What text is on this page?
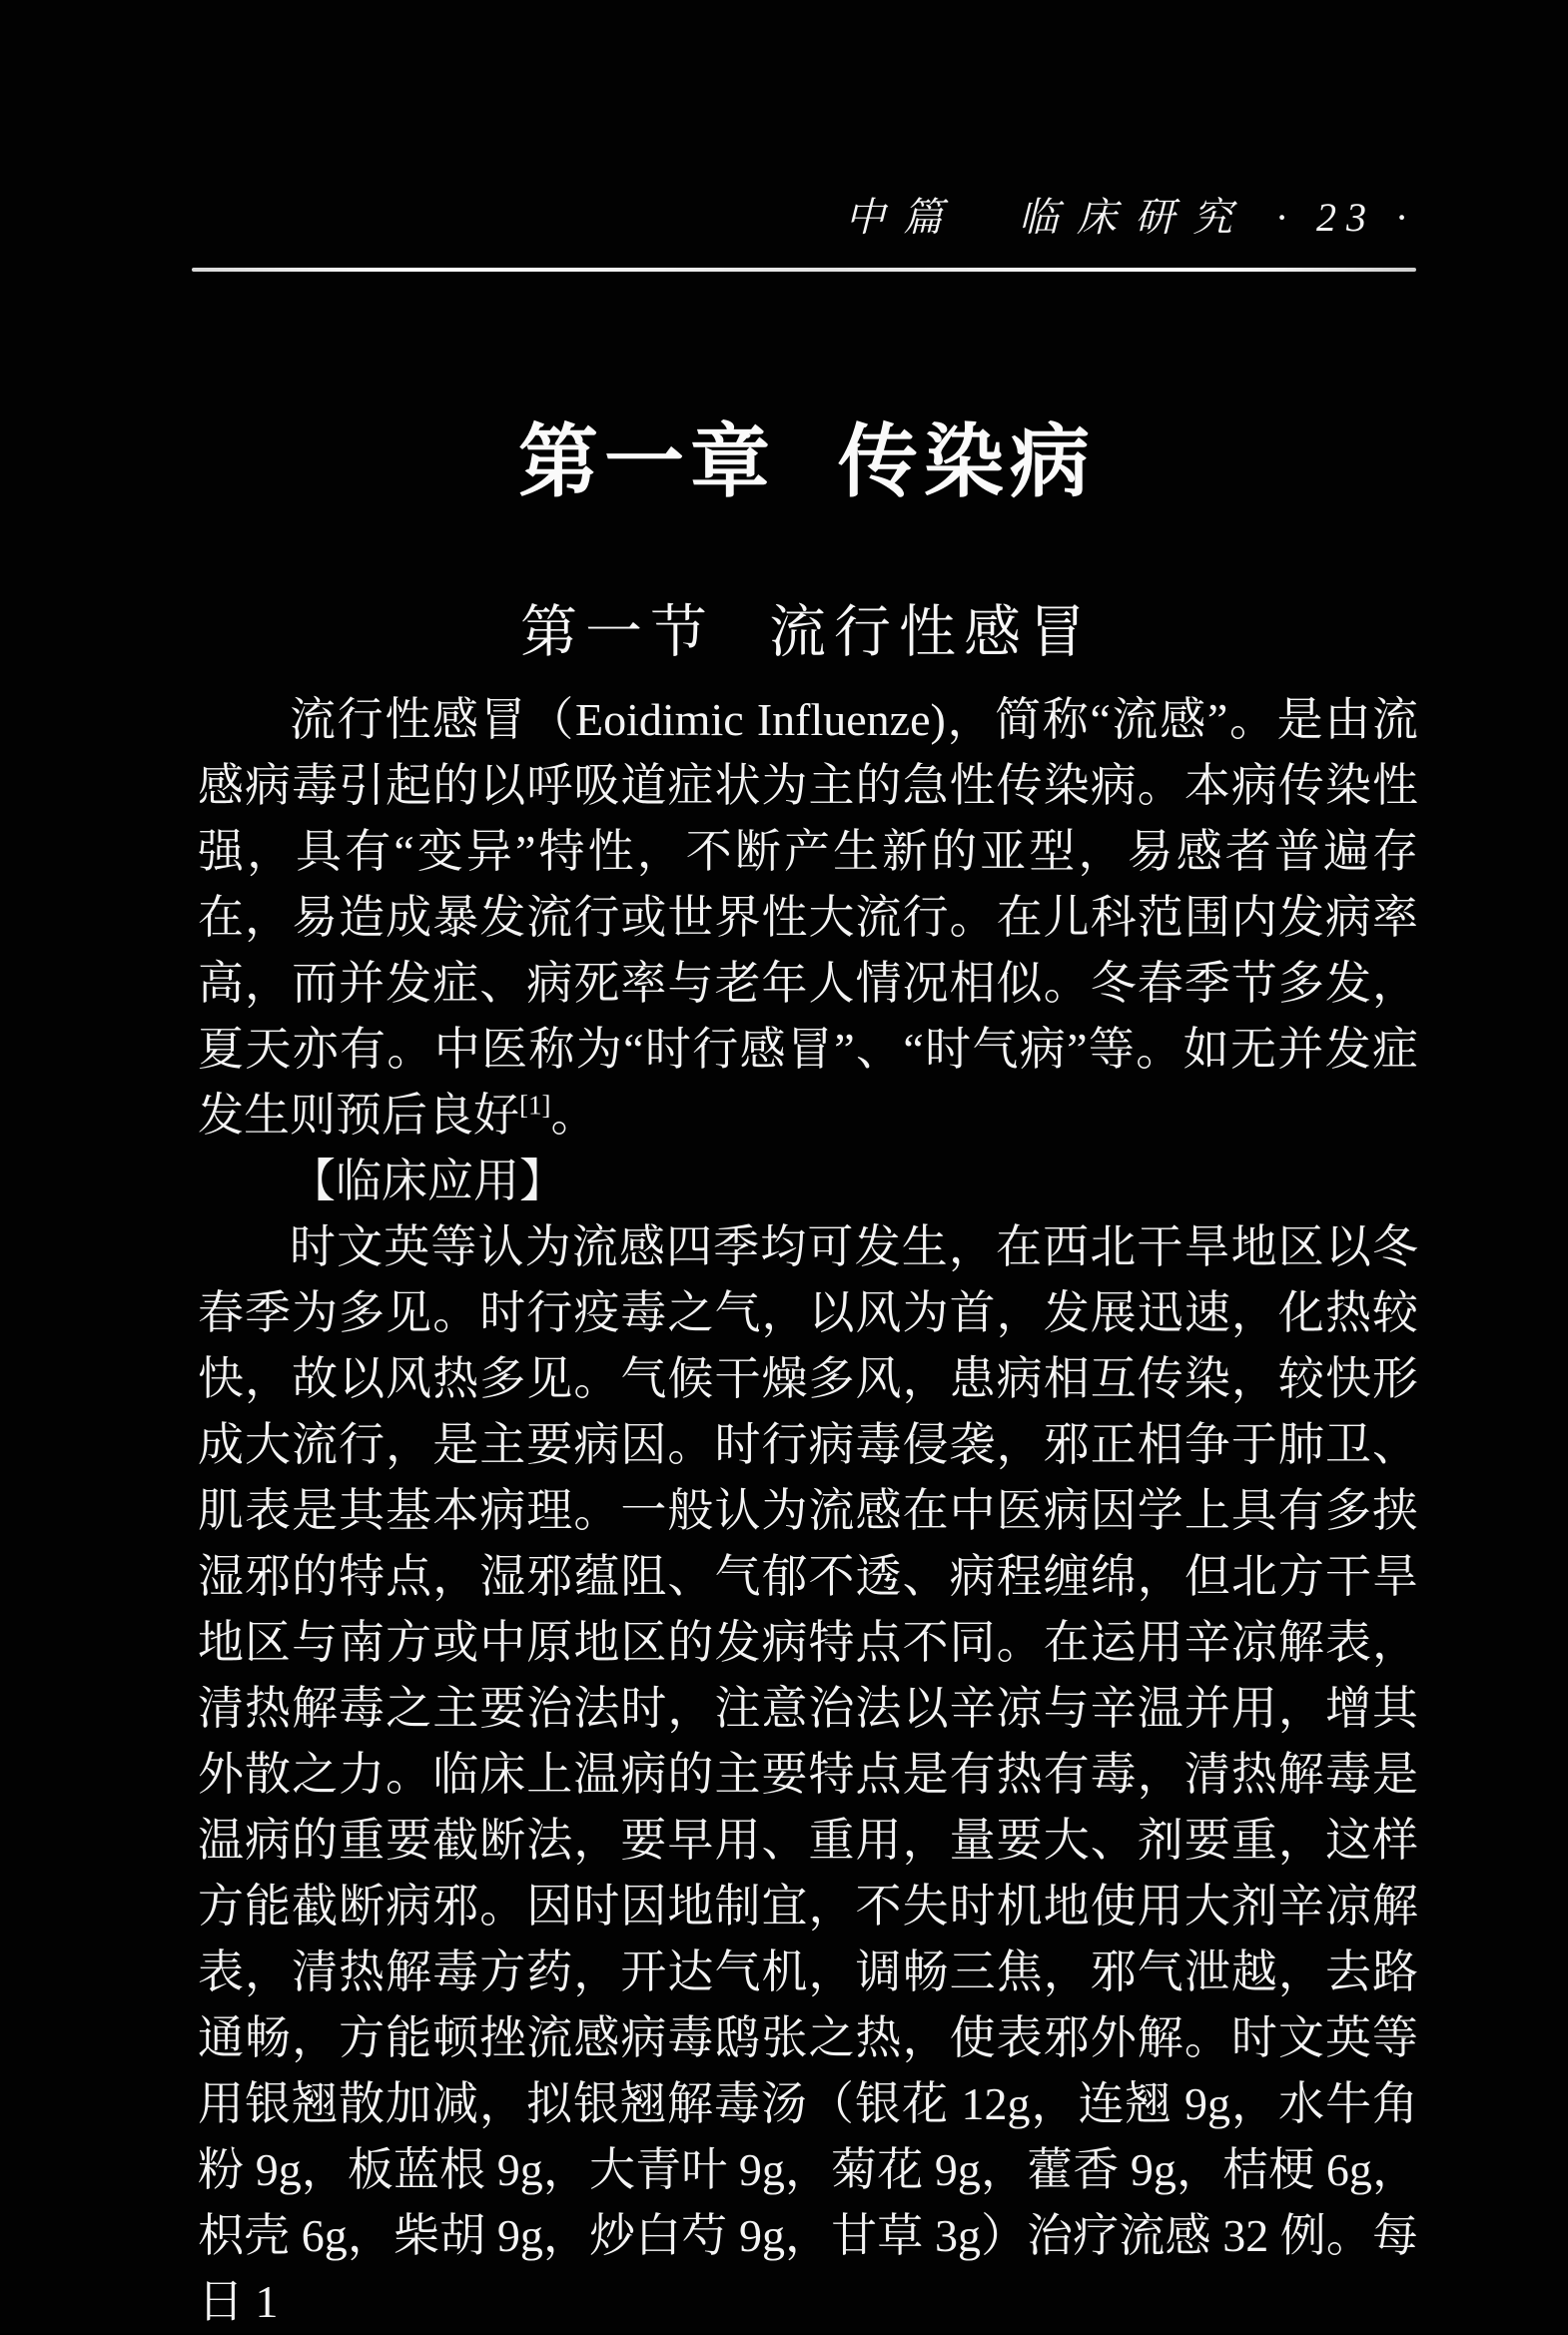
中篇　临床研究 · 23 ·
第一章 传染病
第一节 流行性感冒

流行性感冒（Eoidimic Influenze)，简称“流感”。是由流感病毒引起的以呼吸道症状为主的急性传染病。本病传染性强，具有“变异”特性，不断产生新的亚型，易感者普遍存在，易造成暴发流行或世界性大流行。在儿科范围内发病率高，而并发症、病死率与老年人情况相似。冬春季节多发，夏天亦有。中医称为“时行感冒”、“时气病”等。如无并发症发生则预后良好[1]。

【临床应用】

时文英等认为流感四季均可发生，在西北干旱地区以冬春季为多见。时行疫毒之气，以风为首，发展迅速，化热较快，故以风热多见。气候干燥多风，患病相互传染，较快形成大流行，是主要病因。时行病毒侵袭，邪正相争于肺卫、肌表是其基本病理。一般认为流感在中医病因学上具有多挟湿邪的特点，湿邪蕴阻、气郁不透、病程缠绵，但北方干旱地区与南方或中原地区的发病特点不同。在运用辛凉解表，清热解毒之主要治法时，注意治法以辛凉与辛温并用，增其外散之力。临床上温病的主要特点是有热有毒，清热解毒是温病的重要截断法，要早用、重用，量要大、剂要重，这样方能截断病邪。因时因地制宜，不失时机地使用大剂辛凉解表，清热解毒方药，开达气机，调畅三焦，邪气泄越，去路通畅，方能顿挫流感病毒鸱张之热，使表邪外解。时文英等用银翘散加减，拟银翘解毒汤（银花 12g，连翘 9g，水牛角粉 9g，板蓝根 9g，大青叶 9g，菊花 9g，藿香 9g，桔梗 6g，枳壳 6g，柴胡 9g，炒白芍 9g，甘草 3g）治疗流感 32 例。每日 1
